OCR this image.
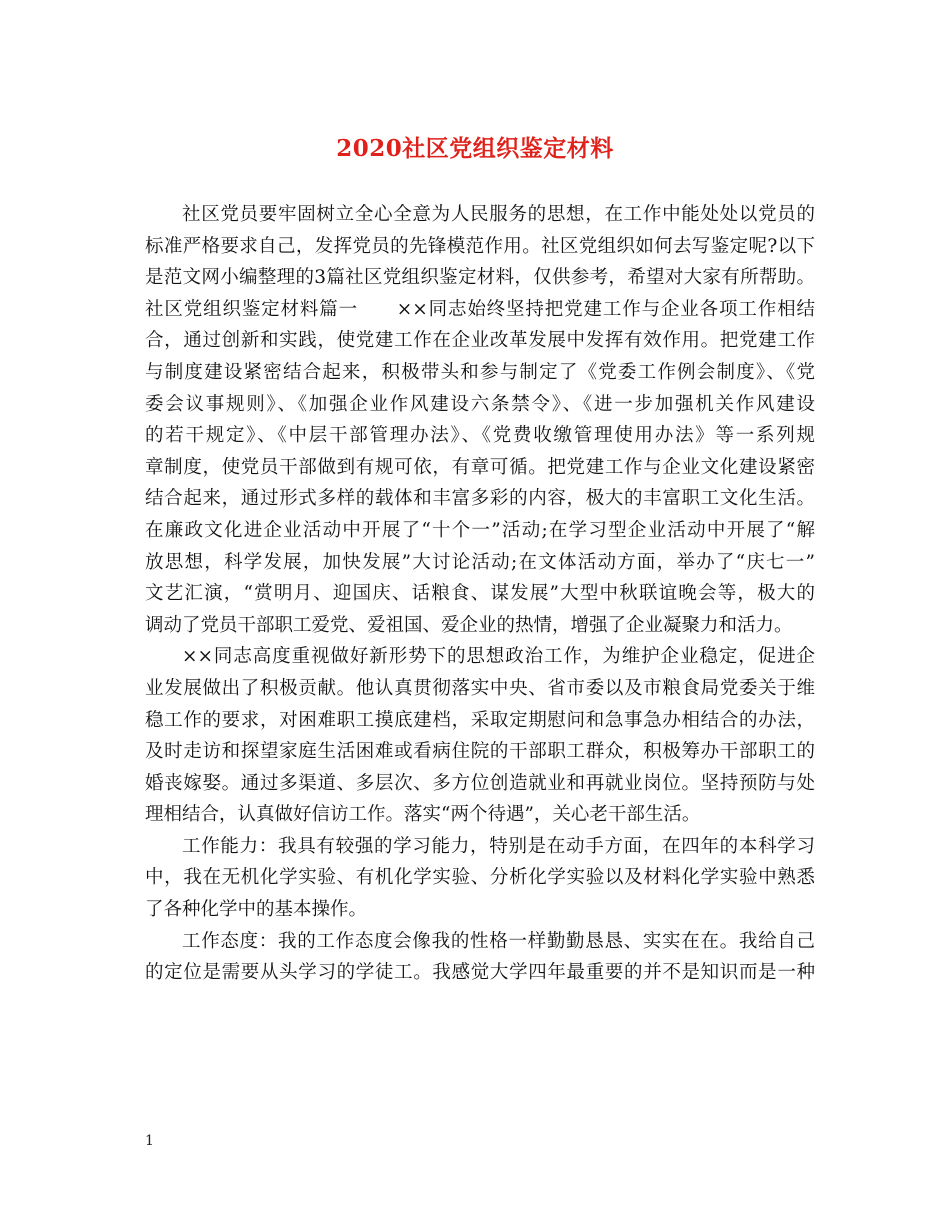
2020社区党组织鉴定材料
社区党员要牢固树立全心全意为人民服务的思想，在工作中能处处以党员的
标准严格要求自己，发挥党员的先锋模范作用。社区党组织如何去写鉴定呢?以下
是范文网小编整理的3篇社区党组织鉴定材料，仅供参考，希望对大家有所帮助。
社区党组织鉴定材料篇一　　××同志始终坚持把党建工作与企业各项工作相结
合，通过创新和实践，使党建工作在企业改革发展中发挥有效作用。把党建工作
与制度建设紧密结合起来，积极带头和参与制定了《党委工作例会制度》、《党
委会议事规则》、《加强企业作风建设六条禁令》、《进一步加强机关作风建设
的若干规定》、《中层干部管理办法》、《党费收缴管理使用办法》等一系列规
章制度，使党员干部做到有规可依，有章可循。把党建工作与企业文化建设紧密
结合起来，通过形式多样的载体和丰富多彩的内容，极大的丰富职工文化生活。
在廉政文化进企业活动中开展了“十个一”活动;在学习型企业活动中开展了“解
放思想，科学发展，加快发展”大讨论活动;在文体活动方面，举办了“庆七一”
文艺汇演，“赏明月、迎国庆、话粮食、谋发展”大型中秋联谊晚会等，极大的
调动了党员干部职工爱党、爱祖国、爱企业的热情，增强了企业凝聚力和活力。
××同志高度重视做好新形势下的思想政治工作，为维护企业稳定，促进企
业发展做出了积极贡献。他认真贯彻落实中央、省市委以及市粮食局党委关于维
稳工作的要求，对困难职工摸底建档，采取定期慰问和急事急办相结合的办法，
及时走访和探望家庭生活困难或看病住院的干部职工群众，积极筹办干部职工的
婚丧嫁娶。通过多渠道、多层次、多方位创造就业和再就业岗位。坚持预防与处
理相结合，认真做好信访工作。落实“两个待遇”，关心老干部生活。
工作能力：我具有较强的学习能力，特别是在动手方面，在四年的本科学习
中，我在无机化学实验、有机化学实验、分析化学实验以及材料化学实验中熟悉
了各种化学中的基本操作。
工作态度：我的工作态度会像我的性格一样勤勤恳恳、实实在在。我给自己
的定位是需要从头学习的学徒工。我感觉大学四年最重要的并不是知识而是一种
1
